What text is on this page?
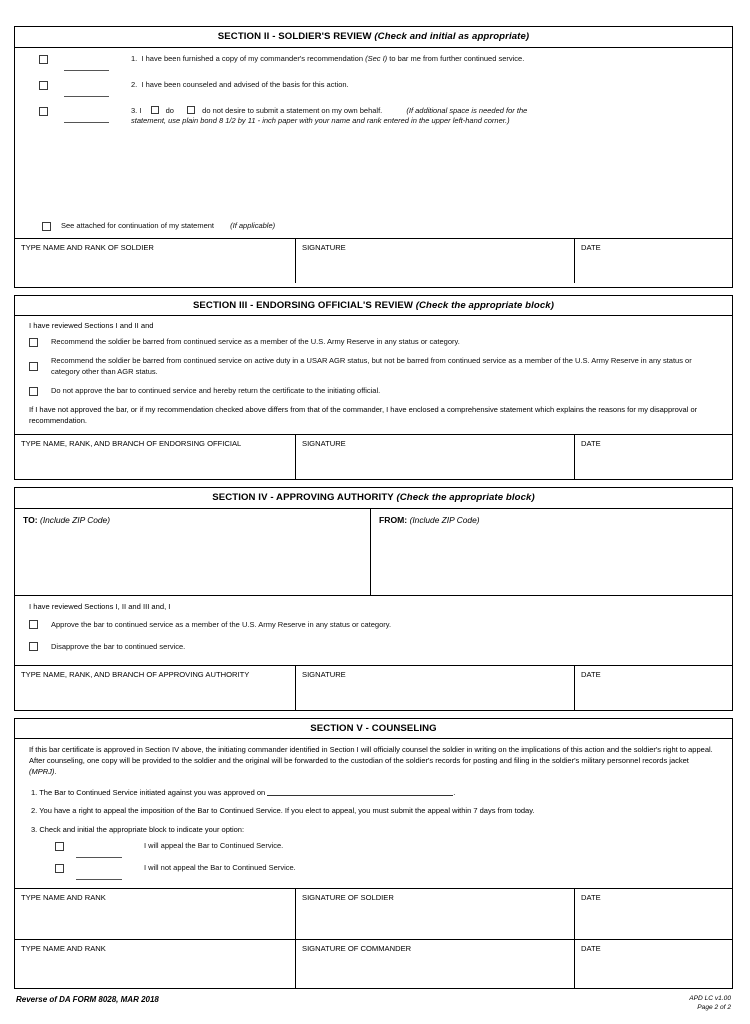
SECTION II - SOLDIER'S REVIEW (Check and initial as appropriate)
1. I have been furnished a copy of my commander's recommendation (Sec I) to bar me from further continued service.
2. I have been counseled and advised of the basis for this action.
3. I	do	do not desire to submit a statement on my own behalf.	(If additional space is needed for the
statement, use plain bond 8 1/2 by 11 - inch paper with your name and rank entered in the upper left-hand corner.)
See attached for continuation of my statement (If applicable)
TYPE NAME AND RANK OF SOLDIER	SIGNATURE	DATE
SECTION III - ENDORSING OFFICIAL'S REVIEW (Check the appropriate block)
I have reviewed Sections I and II and
Recommend the soldier be barred from continued service as a member of the U.S. Army Reserve in any status or category.
Recommend the soldier be barred from continued service on active duty in a USAR AGR status, but not be barred from continued service as a member of the U.S. Army Reserve in any status or category other than AGR status.
Do not approve the bar to continued service and hereby return the certificate to the initiating official.
If I have not approved the bar, or if my recommendation checked above differs from that of the commander, I have enclosed a comprehensive statement which explains the reasons for my disapproval or recommendation.
TYPE NAME, RANK, AND BRANCH OF ENDORSING OFFICIAL	SIGNATURE	DATE
SECTION IV - APPROVING AUTHORITY (Check the appropriate block)
TO: (Include ZIP Code)	FROM: (Include ZIP Code)
I have reviewed Sections I, II and III and, I
Approve the bar to continued service as a member of the U.S. Army Reserve in any status or category.
Disapprove the bar to continued service.
TYPE NAME, RANK, AND BRANCH OF APPROVING AUTHORITY	SIGNATURE	DATE
SECTION V - COUNSELING
If this bar certificate is approved in Section IV above, the initiating commander identified in Section I will officially counsel the soldier in writing on the implications of this action and the soldier's right to appeal. After counseling, one copy will be provided to the soldier and the original will be forwarded to the custodian of the soldier's records for posting and filing in the soldier's military personnel records jacket (MPRJ).
1. The Bar to Continued Service initiated against you was approved on	.
2. You have a right to appeal the imposition of the Bar to Continued Service. If you elect to appeal, you must submit the appeal within 7 days from today.
3. Check and initial the appropriate block to indicate your option:
I will appeal the Bar to Continued Service.
I will not appeal the Bar to Continued Service.
TYPE NAME AND RANK	SIGNATURE OF SOLDIER	DATE
TYPE NAME AND RANK	SIGNATURE OF COMMANDER	DATE
Reverse of DA FORM 8028, MAR 2018	APD LC v1.00
Page 2 of 2
